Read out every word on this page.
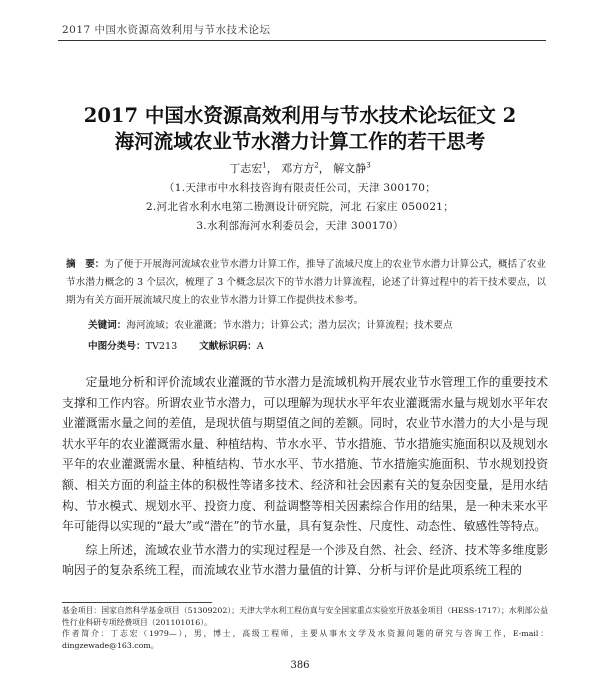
2017 中国水资源高效利用与节水技术论坛
2017 中国水资源高效利用与节水技术论坛征文 2
海河流域农业节水潜力计算工作的若干思考
丁志宏$^1$， 邓方方$^2$， 解文静$^3$
（1.天津市中水科技咨询有限责任公司，天津 300170；
2.河北省水利水电第二勘测设计研究院，河北 石家庄 050021；
3.水利部海河水利委员会，天津 300170）
摘　要：为了便于开展海河流域农业节水潜力计算工作，推导了流域尺度上的农业节水潜力计算公式，概括了农业节水潜力概念的 3 个层次，梳理了 3 个概念层次下的节水潜力计算流程，论述了计算过程中的若干技术要点，以期为有关方面开展流域尺度上的农业节水潜力计算工作提供技术参考。
关键词：海河流域；农业灌溉；节水潜力；计算公式；潜力层次；计算流程；技术要点
中图分类号：TV213 文献标识码：A

定量地分析和评价流域农业灌溉的节水潜力是流域机构开展农业节水管理工作的重要技术支撑和工作内容。所谓农业节水潜力，可以理解为现状水平年农业灌溉需水量与规划水平年农业灌溉需水量之间的差值，是现状值与期望值之间的差额。同时，农业节水潜力的大小是与现状水平年的农业灌溉需水量、种植结构、节水水平、节水措施、节水措施实施面积以及规划水平年的农业灌溉需水量、种植结构、节水水平、节水措施、节水措施实施面积、节水规划投资额、相关方面的利益主体的积极性等诸多技术、经济和社会因素有关的复杂因变量，是用水结构、节水模式、规划水平、投资力度、利益调整等相关因素综合作用的结果，是一种未来水平年可能得以实现的“最大”或“潜在”的节水量，具有复杂性、尺度性、动态性、敏感性等特点。

综上所述，流域农业节水潜力的实现过程是一个涉及自然、社会、经济、技术等多维度影响因子的复杂系统工程，而流域农业节水潜力量值的计算、分析与评价是此项系统工程的

基金项目：国家自然科学基金项目（51309202）；天津大学水利工程仿真与安全国家重点实验室开放基金项目（HESS-1717）；水利部公益性行业科研专项经费项目（201101016）。
作者简介：丁志宏（1979—），男，博士，高级工程师，主要从事水文学及水资源问题的研究与咨询工作，E-mail：dingzewade@163.com。
386
